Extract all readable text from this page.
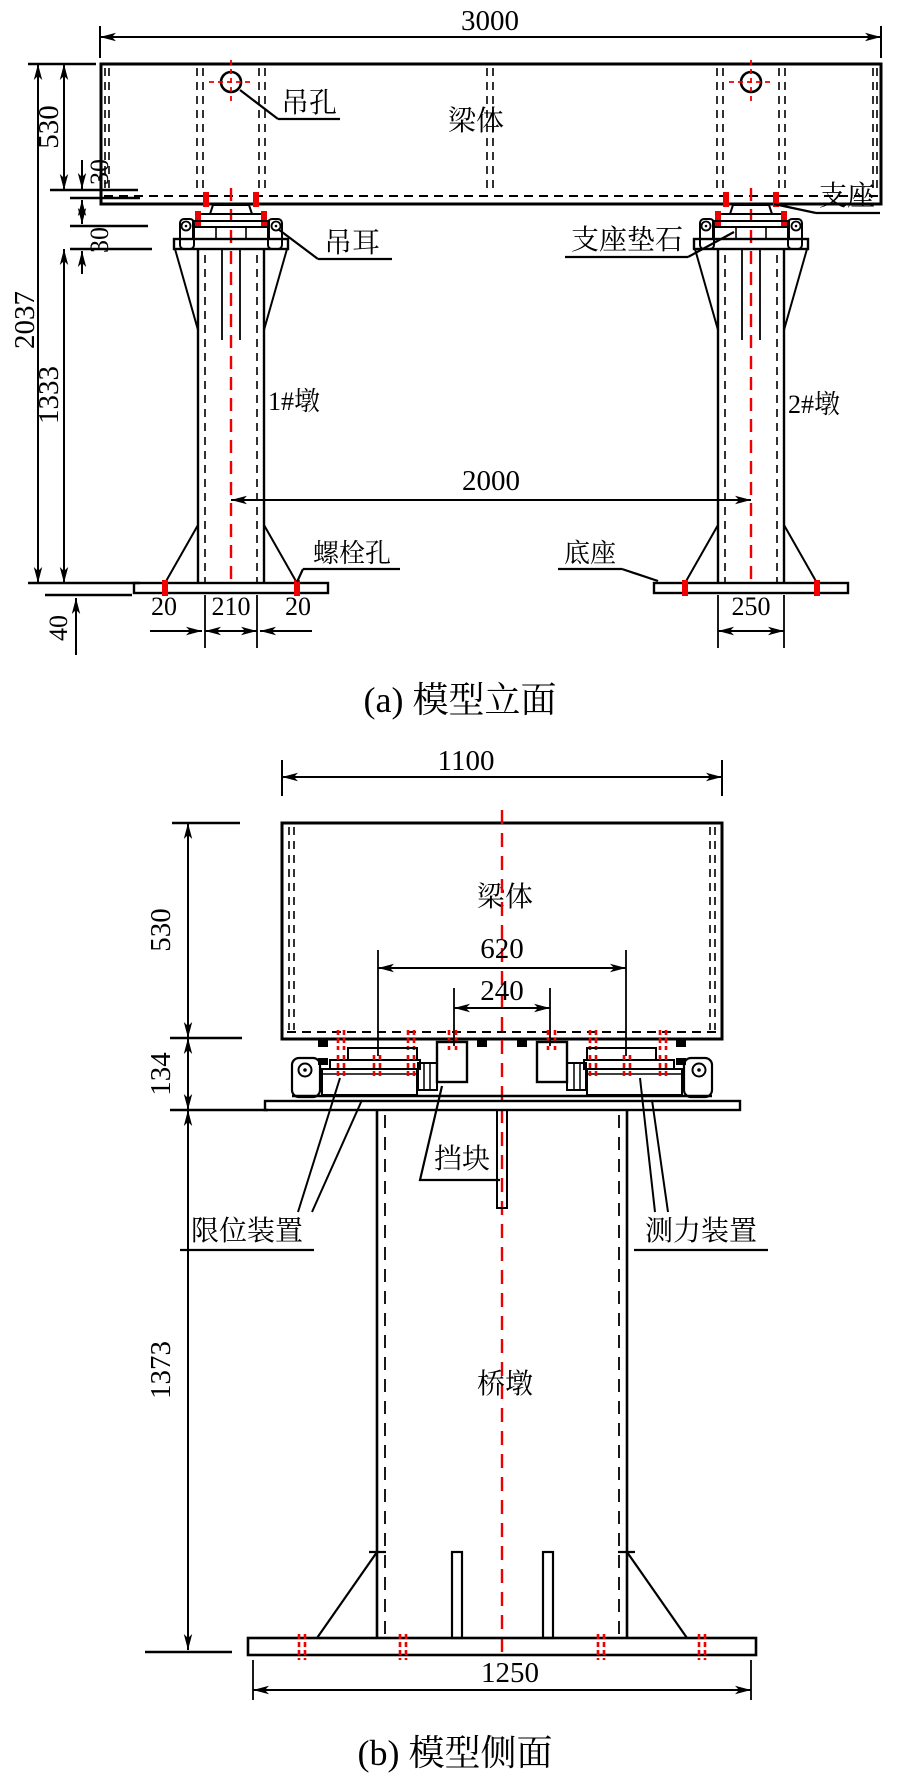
3000
2037
530
30
30
1333
40
2000
20 210 20	250
吊孔
梁体
吊耳	支座垫石
支座
1#墩	2#墩
螺栓孔	底座
(a) 模型立面
1100
梁体
620
240
530
134
1373
挡块
限位装置	测力装置
桥墩
1250
(b) 模型侧面
